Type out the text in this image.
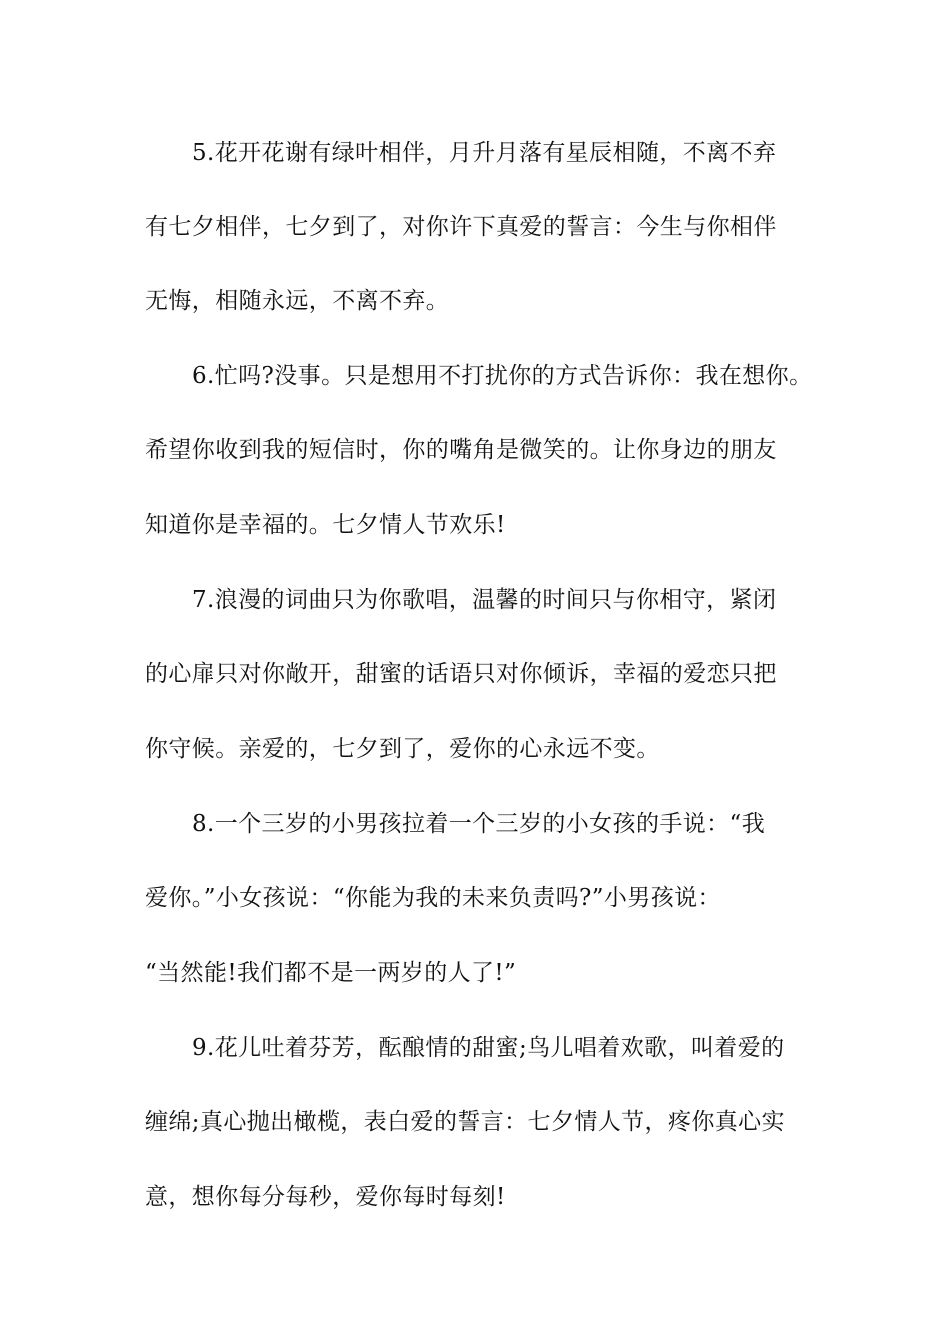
5.花开花谢有绿叶相伴，月升月落有星辰相随，不离不弃
有七夕相伴，七夕到了，对你许下真爱的誓言：今生与你相伴
无悔，相随永远，不离不弃。
6.忙吗?没事。只是想用不打扰你的方式告诉你：我在想你。
希望你收到我的短信时，你的嘴角是微笑的。让你身边的朋友
知道你是幸福的。七夕情人节欢乐!
7.浪漫的词曲只为你歌唱，温馨的时间只与你相守，紧闭
的心扉只对你敞开，甜蜜的话语只对你倾诉，幸福的爱恋只把
你守候。亲爱的，七夕到了，爱你的心永远不变。
8.一个三岁的小男孩拉着一个三岁的小女孩的手说：“我
爱你。”小女孩说：“你能为我的未来负责吗?”小男孩说：
“当然能!我们都不是一两岁的人了!”
9.花儿吐着芬芳，酝酿情的甜蜜;鸟儿唱着欢歌，叫着爱的
缠绵;真心抛出橄榄，表白爱的誓言：七夕情人节，疼你真心实
意，想你每分每秒，爱你每时每刻!
